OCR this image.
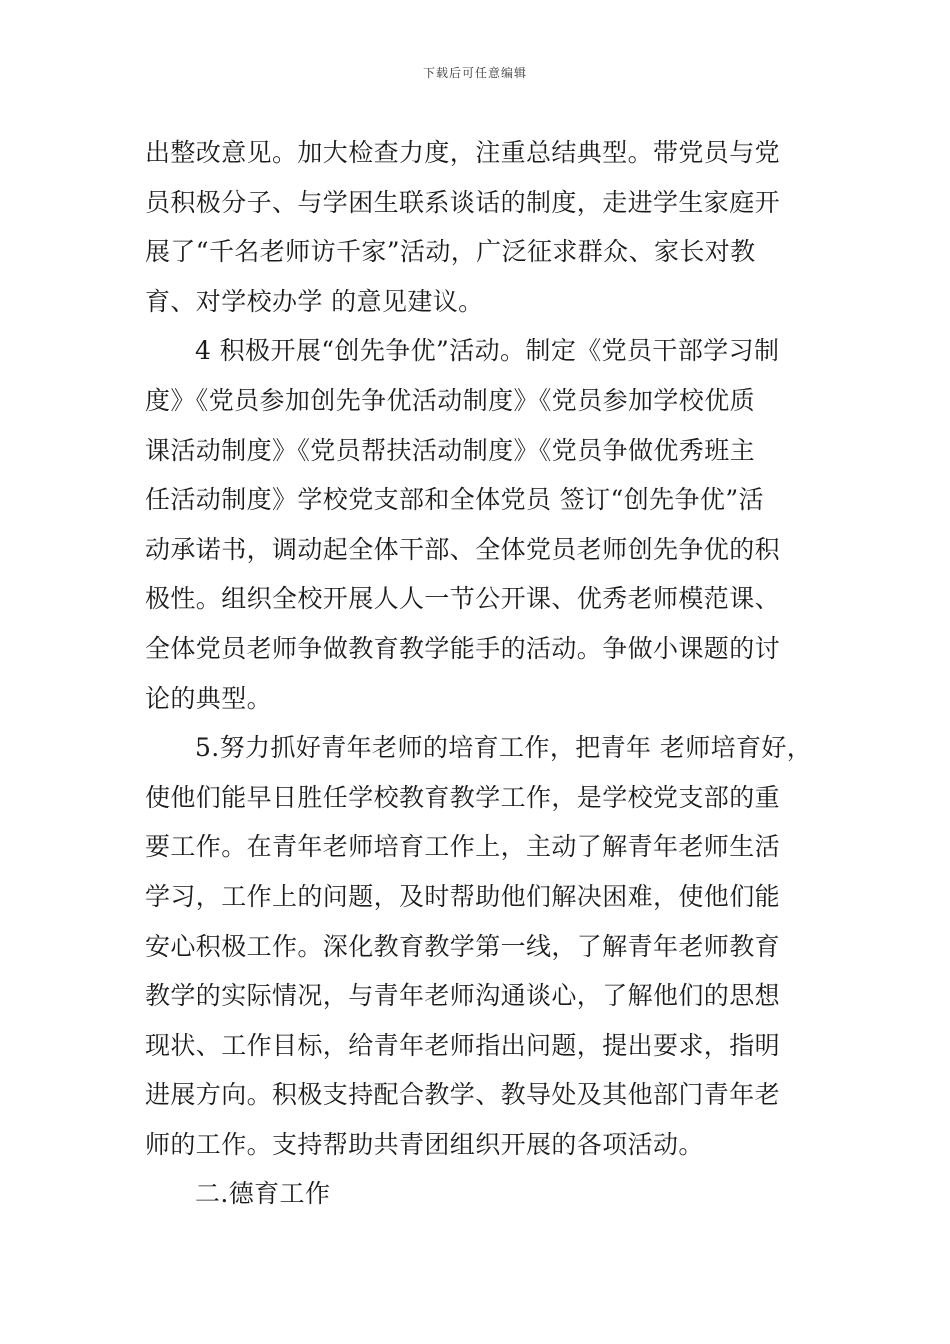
下载后可任意编辑
出整改意见。加大检查力度，注重总结典型。带党员与党
员积极分子、与学困生联系谈话的制度，走进学生家庭开
展了“千名老师访千家”活动，广泛征求群众、家长对教
育、对学校办学 的意见建议。
4 积极开展“创先争优”活动。制定《党员干部学习制
度》《党员参加创先争优活动制度》《党员参加学校优质
课活动制度》《党员帮扶活动制度》《党员争做优秀班主
任活动制度》学校党支部和全体党员 签订“创先争优”活
动承诺书，调动起全体干部、全体党员老师创先争优的积
极性。组织全校开展人人一节公开课、优秀老师模范课、
全体党员老师争做教育教学能手的活动。争做小课题的讨
论的典型。
5.努力抓好青年老师的培育工作，把青年 老师培育好，
使他们能早日胜任学校教育教学工作，是学校党支部的重
要工作。在青年老师培育工作上，主动了解青年老师生活
学习，工作上的问题，及时帮助他们解决困难，使他们能
安心积极工作。深化教育教学第一线，了解青年老师教育
教学的实际情况，与青年老师沟通谈心，了解他们的思想
现状、工作目标，给青年老师指出问题，提出要求，指明
进展方向。积极支持配合教学、教导处及其他部门青年老
师的工作。支持帮助共青团组织开展的各项活动。
二.德育工作
